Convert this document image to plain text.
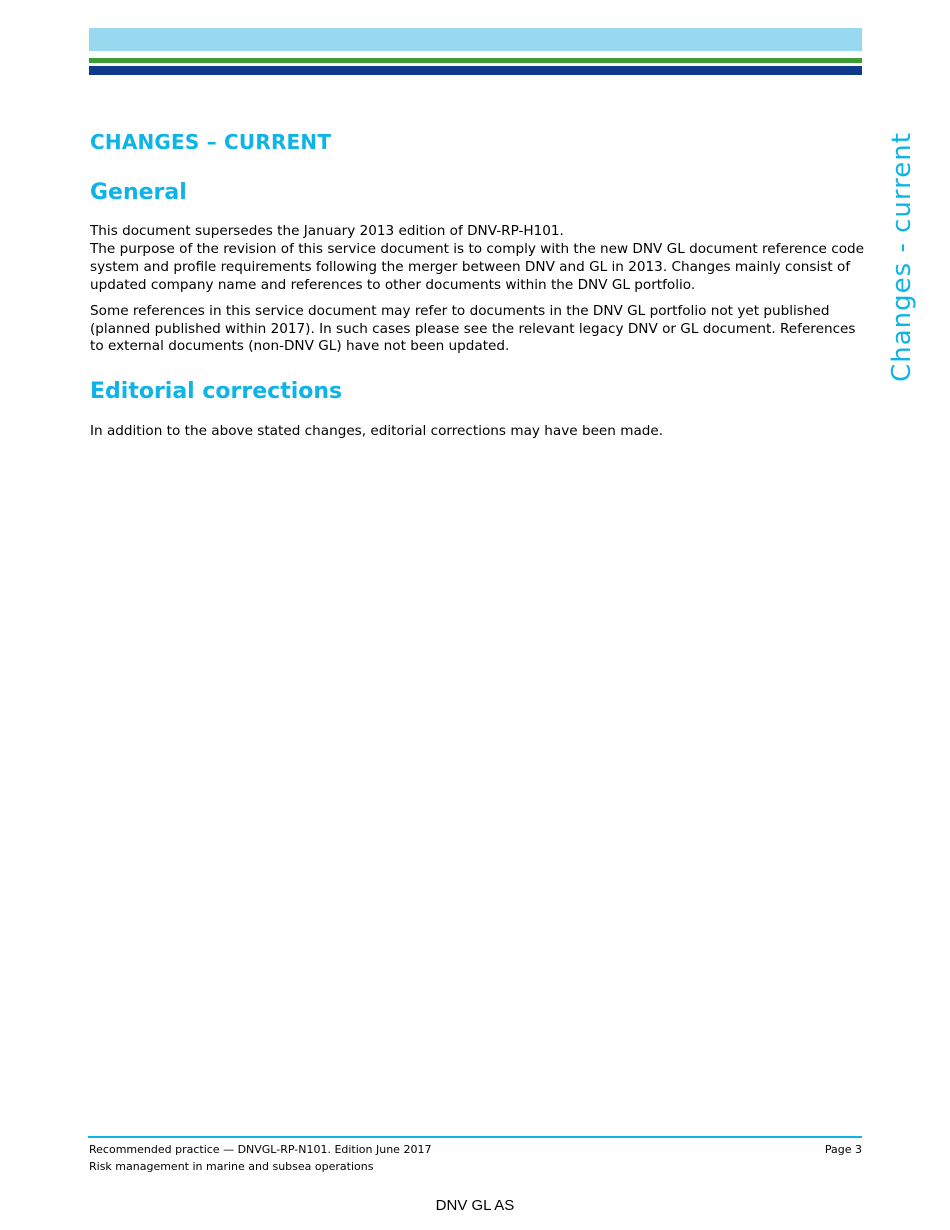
Changes - current
CHANGES – CURRENT
General

This document supersedes the January 2013 edition of DNV-RP-H101.
The purpose of the revision of this service document is to comply with the new DNV GL document reference code system and profile requirements following the merger between DNV and GL in 2013. Changes mainly consist of updated company name and references to other documents within the DNV GL portfolio.

Some references in this service document may refer to documents in the DNV GL portfolio not yet published (planned published within 2017). In such cases please see the relevant legacy DNV or GL document. References to external documents (non-DNV GL) have not been updated.

Editorial corrections

In addition to the above stated changes, editorial corrections may have been made.

Recommended practice — DNVGL-RP-N101. Edition June 2017
Risk management in marine and subsea operations
Page 3
DNV GL AS
